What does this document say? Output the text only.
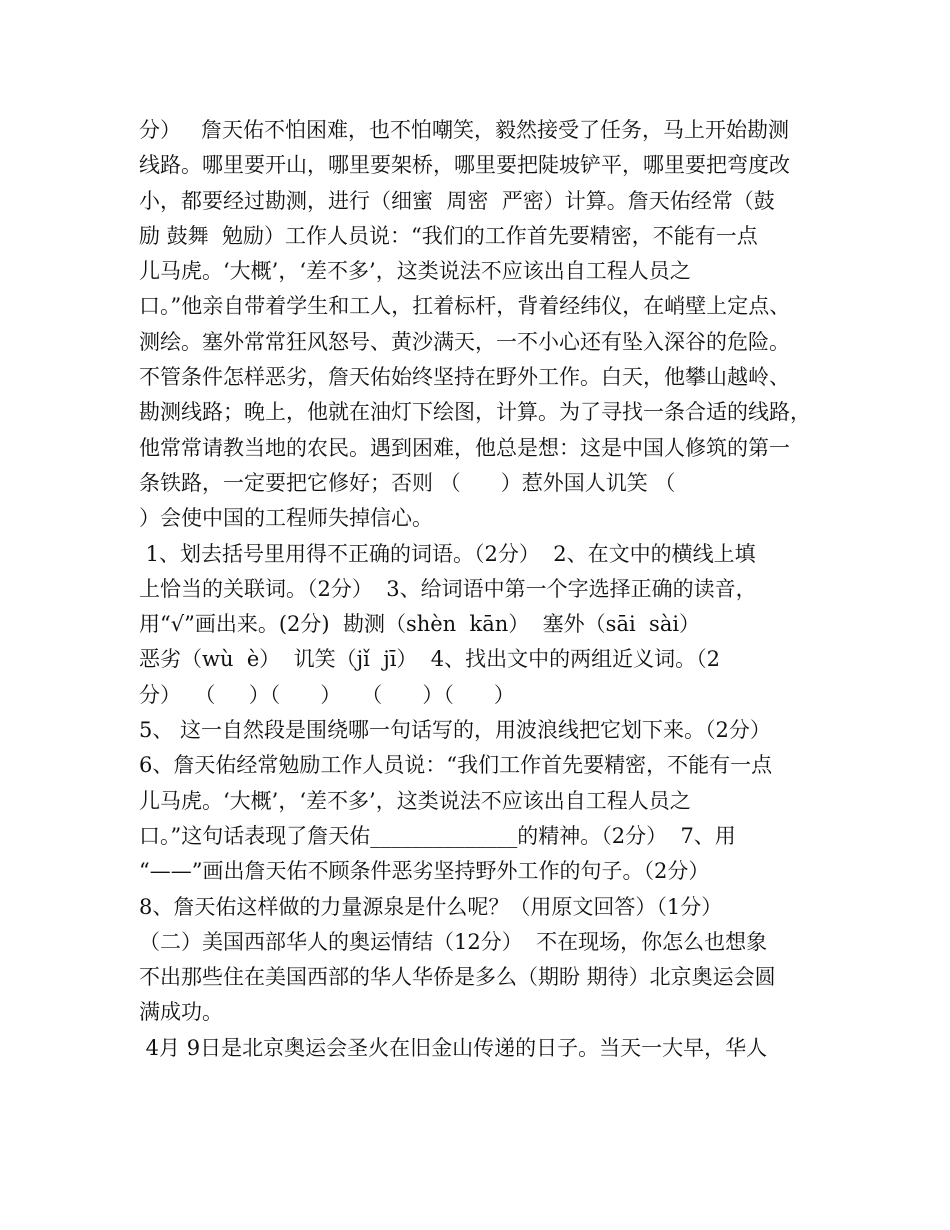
分）   詹天佑不怕困难，也不怕嘲笑，毅然接受了任务，马上开始勘测
线路。哪里要开山，哪里要架桥，哪里要把陡坡铲平，哪里要把弯度改
小，都要经过勘测，进行（细蜜  周密  严密）计算。詹天佑经常（鼓
励 鼓舞  勉励）工作人员说：“我们的工作首先要精密，不能有一点
儿马虎。‘大概’，‘差不多’，这类说法不应该出自工程人员之
口。”他亲自带着学生和工人，扛着标杆，背着经纬仪，在峭壁上定点、
测绘。塞外常常狂风怒号、黄沙满天，一不小心还有坠入深谷的危险。
不管条件怎样恶劣，詹天佑始终坚持在野外工作。白天，他攀山越岭、
勘测线路；晚上，他就在油灯下绘图，计算。为了寻找一条合适的线路，
他常常请教当地的农民。遇到困难，他总是想：这是中国人修筑的第一
条铁路，一定要把它修好；否则 （      ）惹外国人讥笑 （
）会使中国的工程师失掉信心。
1、划去括号里用得不正确的词语。（2分）  2、在文中的横线上填
上恰当的关联词。（2分）  3、给词语中第一个字选择正确的读音，
用“√”画出来。(2分)  勘测（shèn  kān）  塞外（sāi  sài）
恶劣（wù  è）  讥笑（jǐ  jī）  4、找出文中的两组近义词。（2
分）  （     ）（      ）   （      ）（      ）
5、 这一自然段是围绕哪一句话写的，用波浪线把它划下来。（2分）
6、詹天佑经常勉励工作人员说：“我们工作首先要精密，不能有一点
儿马虎。‘大概’，‘差不多’，这类说法不应该出自工程人员之
口。”这句话表现了詹天佑______________的精神。（2分）  7、用
“——”画出詹天佑不顾条件恶劣坚持野外工作的句子。（2分）
8、詹天佑这样做的力量源泉是什么呢？（用原文回答）（1分）
（二）美国西部华人的奥运情结（12分）  不在现场，你怎么也想象
不出那些住在美国西部的华人华侨是多么（期盼 期待）北京奥运会圆
满成功。
4月 9日是北京奥运会圣火在旧金山传递的日子。当天一大早，华人
